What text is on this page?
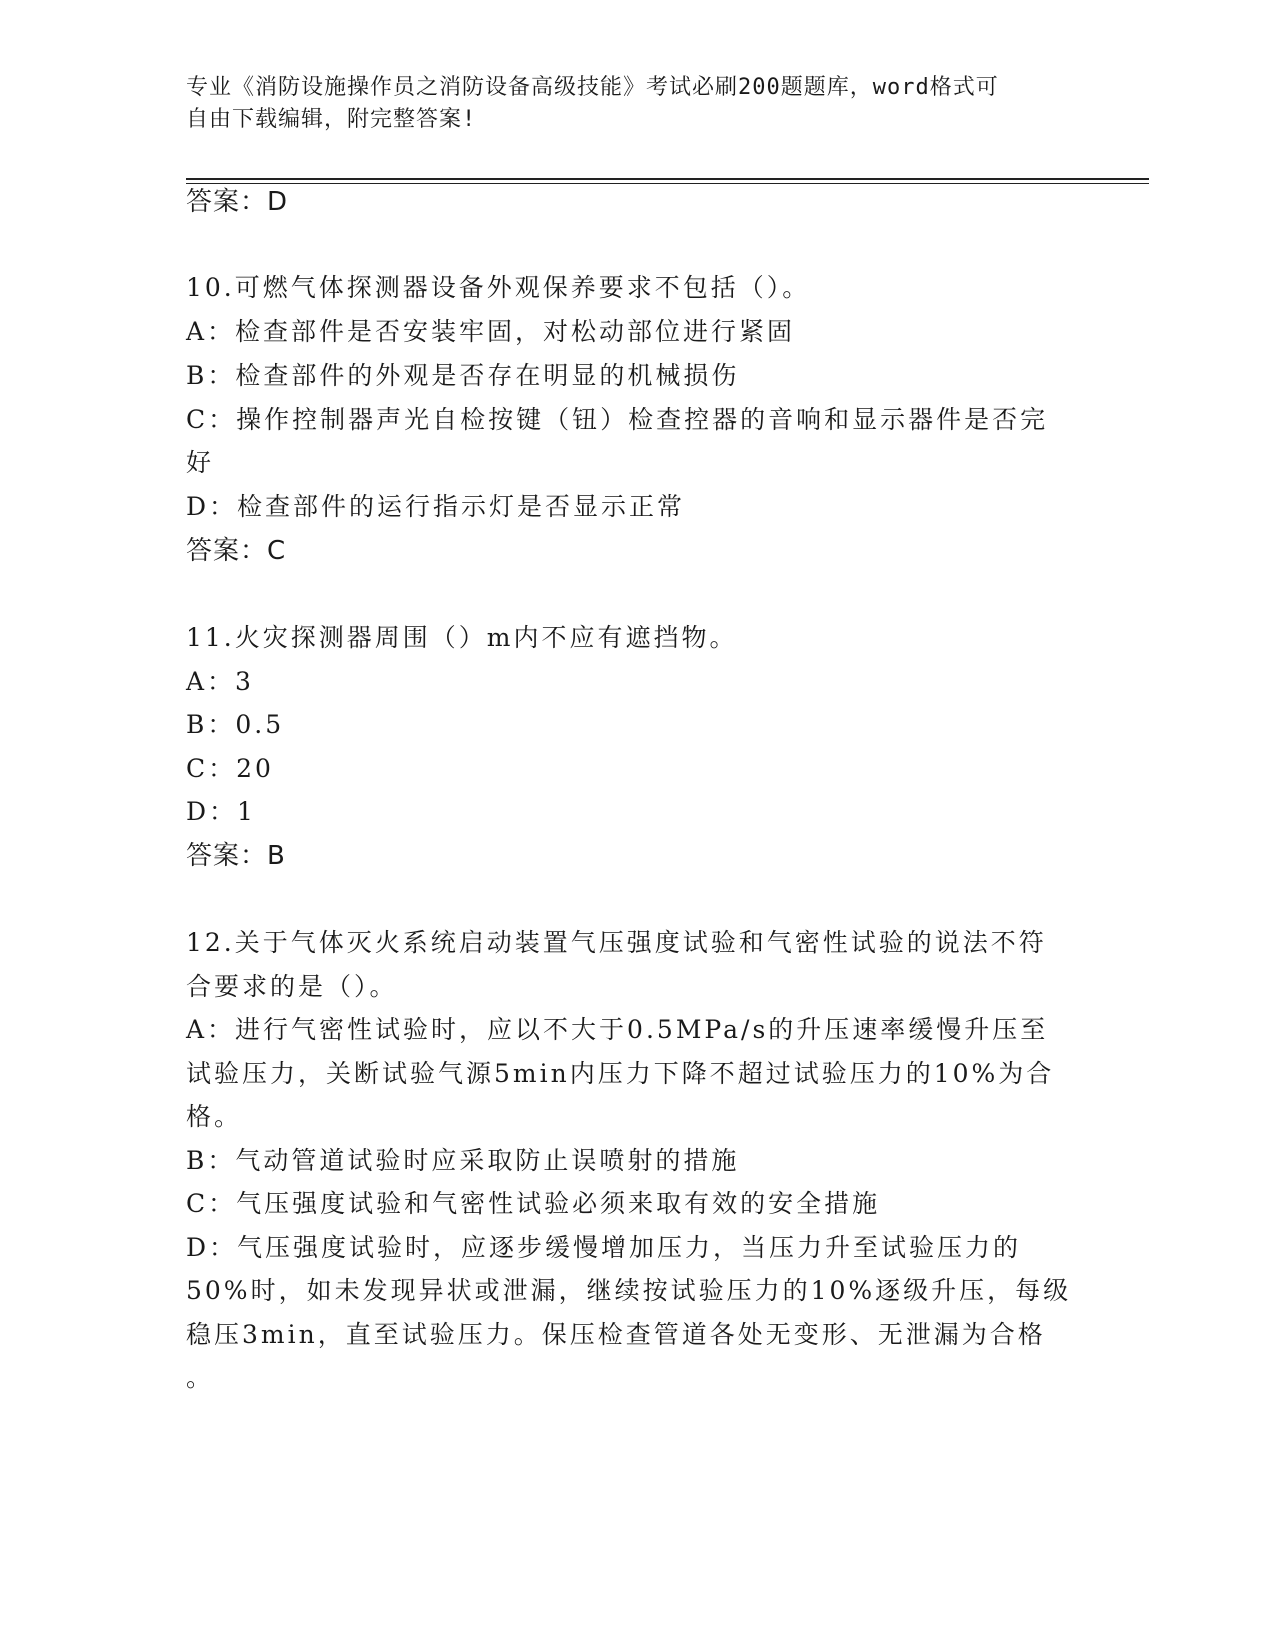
专业《消防设施操作员之消防设备高级技能》考试必刷200题题库，word格式可
自由下载编辑，附完整答案!
答案：D
10.可燃气体探测器设备外观保养要求不包括（）。
A：检查部件是否安装牢固，对松动部位进行紧固
B：检查部件的外观是否存在明显的机械损伤
C：操作控制器声光自检按键（钮）检查控器的音响和显示器件是否完
好
D：检查部件的运行指示灯是否显示正常
答案：C
11.火灾探测器周围（）m内不应有遮挡物。
A：3
B：0.5
C：20
D：1
答案：B
12.关于气体灭火系统启动装置气压强度试验和气密性试验的说法不符
合要求的是（）。
A：进行气密性试验时，应以不大于0.5MPa/s的升压速率缓慢升压至
试验压力，关断试验气源5min内压力下降不超过试验压力的10%为合
格。
B：气动管道试验时应采取防止误喷射的措施
C：气压强度试验和气密性试验必须来取有效的安全措施
D：气压强度试验时，应逐步缓慢增加压力，当压力升至试验压力的
50%时，如未发现异状或泄漏，继续按试验压力的10%逐级升压，每级
稳压3min，直至试验压力。保压检查管道各处无变形、无泄漏为合格
。
